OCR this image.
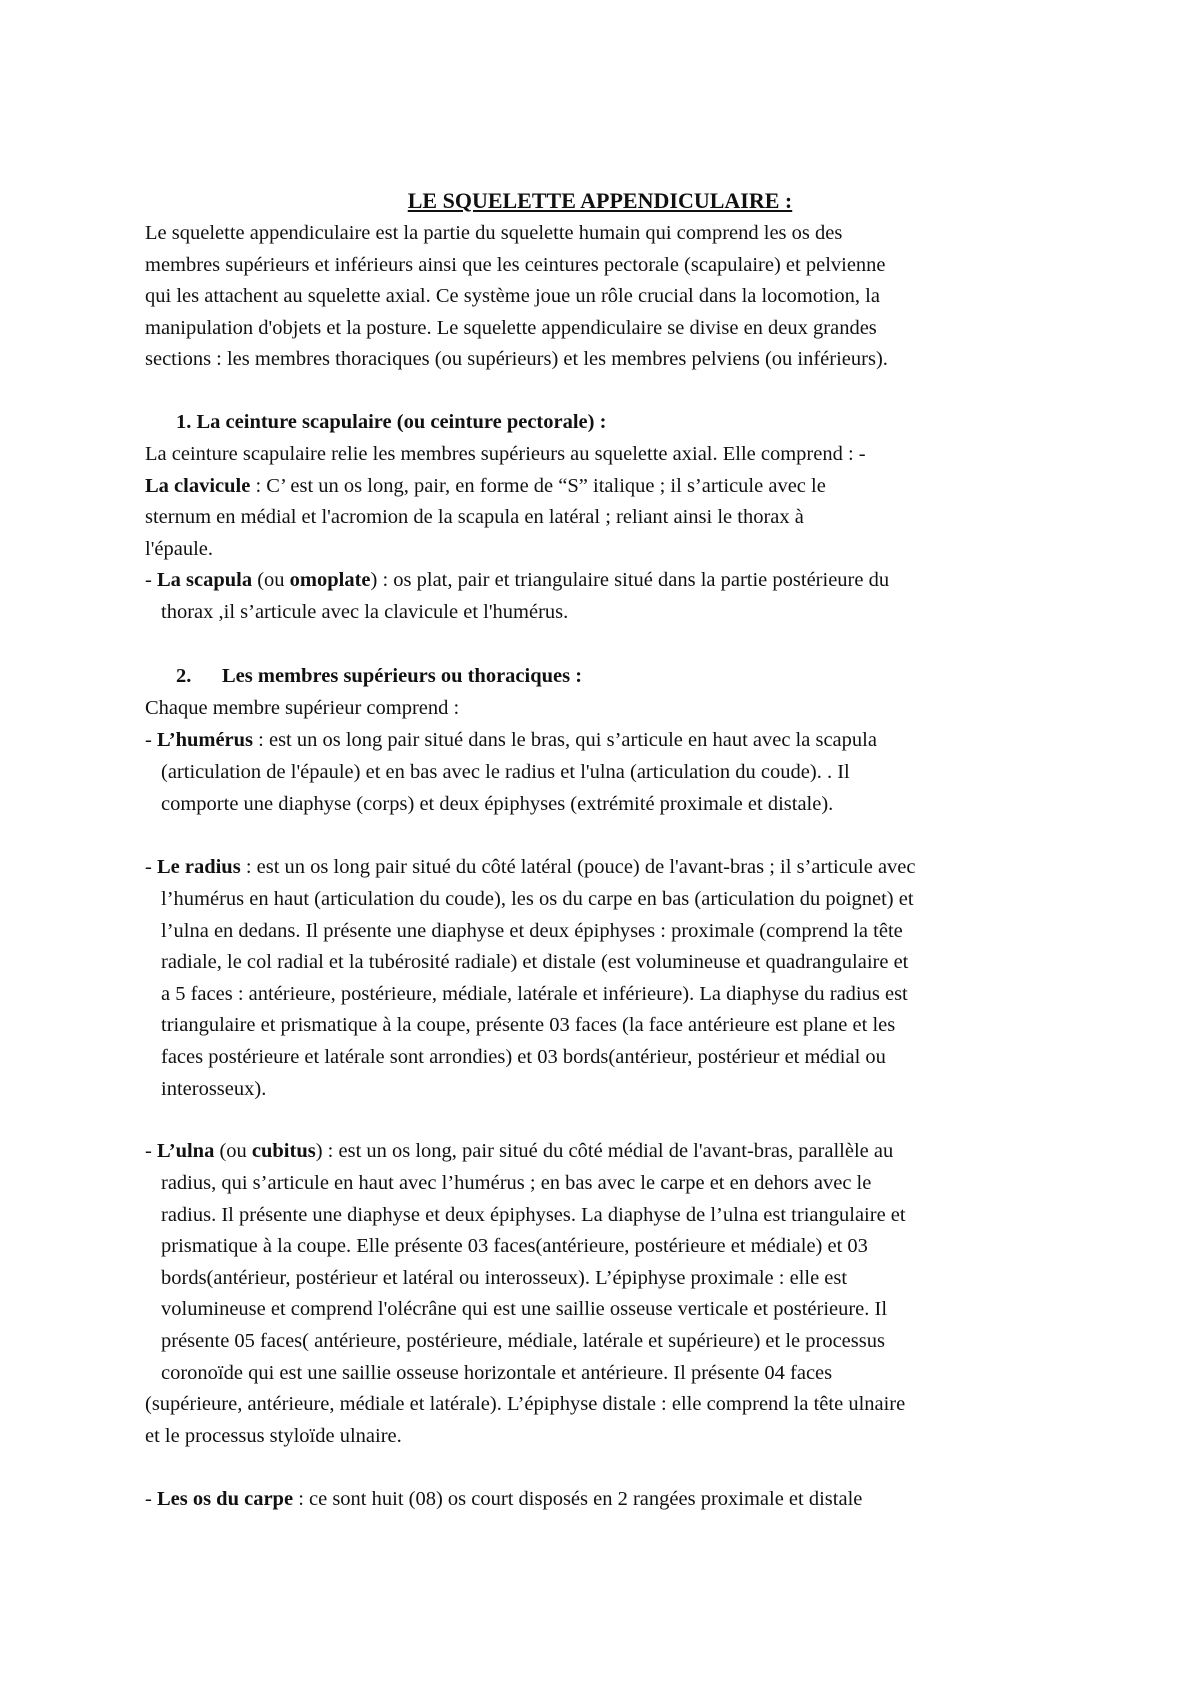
LE SQUELETTE APPENDICULAIRE :
Le squelette appendiculaire est la partie du squelette humain qui comprend les os des
membres supérieurs et inférieurs ainsi que les ceintures pectorale (scapulaire) et pelvienne
qui les attachent au squelette axial. Ce système joue un rôle crucial dans la locomotion, la
manipulation d'objets et la posture. Le squelette appendiculaire se divise en deux grandes
sections : les membres thoraciques (ou supérieurs) et les membres pelviens (ou inférieurs).
1. La ceinture scapulaire (ou ceinture pectorale) :
La ceinture scapulaire relie les membres supérieurs au squelette axial. Elle comprend : -
La clavicule : C’ est un os long, pair, en forme de “S” italique ; il s’articule avec le
sternum en médial et l'acromion de la scapula en latéral ; reliant ainsi le thorax à
l'épaule.
- La scapula (ou omoplate) : os plat, pair et triangulaire situé dans la partie postérieure du
thorax ,il s’articule avec la clavicule et l'humérus.
2. Les membres supérieurs ou thoraciques :
Chaque membre supérieur comprend :
- L’humérus : est un os long pair situé dans le bras, qui s’articule en haut avec la scapula
(articulation de l'épaule) et en bas avec le radius et l'ulna (articulation du coude). . Il
comporte une diaphyse (corps) et deux épiphyses (extrémité proximale et distale).
- Le radius : est un os long pair situé du côté latéral (pouce) de l'avant-bras ; il s’articule avec
l’humérus en haut (articulation du coude), les os du carpe en bas (articulation du poignet) et
l’ulna en dedans. Il présente une diaphyse et deux épiphyses : proximale (comprend la tête
radiale, le col radial et la tubérosité radiale) et distale (est volumineuse et quadrangulaire et
a 5 faces : antérieure, postérieure, médiale, latérale et inférieure). La diaphyse du radius est
triangulaire et prismatique à la coupe, présente 03 faces (la face antérieure est plane et les
faces postérieure et latérale sont arrondies) et 03 bords(antérieur, postérieur et médial ou
interosseux).
- L’ulna (ou cubitus) : est un os long, pair situé du côté médial de l'avant-bras, parallèle au
radius, qui s’articule en haut avec l’humérus ; en bas avec le carpe et en dehors avec le
radius. Il présente une diaphyse et deux épiphyses. La diaphyse de l’ulna est triangulaire et
prismatique à la coupe. Elle présente 03 faces(antérieure, postérieure et médiale) et 03
bords(antérieur, postérieur et latéral ou interosseux). L’épiphyse proximale : elle est
volumineuse et comprend l'olécrâne qui est une saillie osseuse verticale et postérieure. Il
présente 05 faces( antérieure, postérieure, médiale, latérale et supérieure) et le processus
coronoïde qui est une saillie osseuse horizontale et antérieure. Il présente 04 faces
(supérieure, antérieure, médiale et latérale). L’épiphyse distale : elle comprend la tête ulnaire
et le processus styloïde ulnaire.
- Les os du carpe : ce sont huit (08) os court disposés en 2 rangées proximale et distale
